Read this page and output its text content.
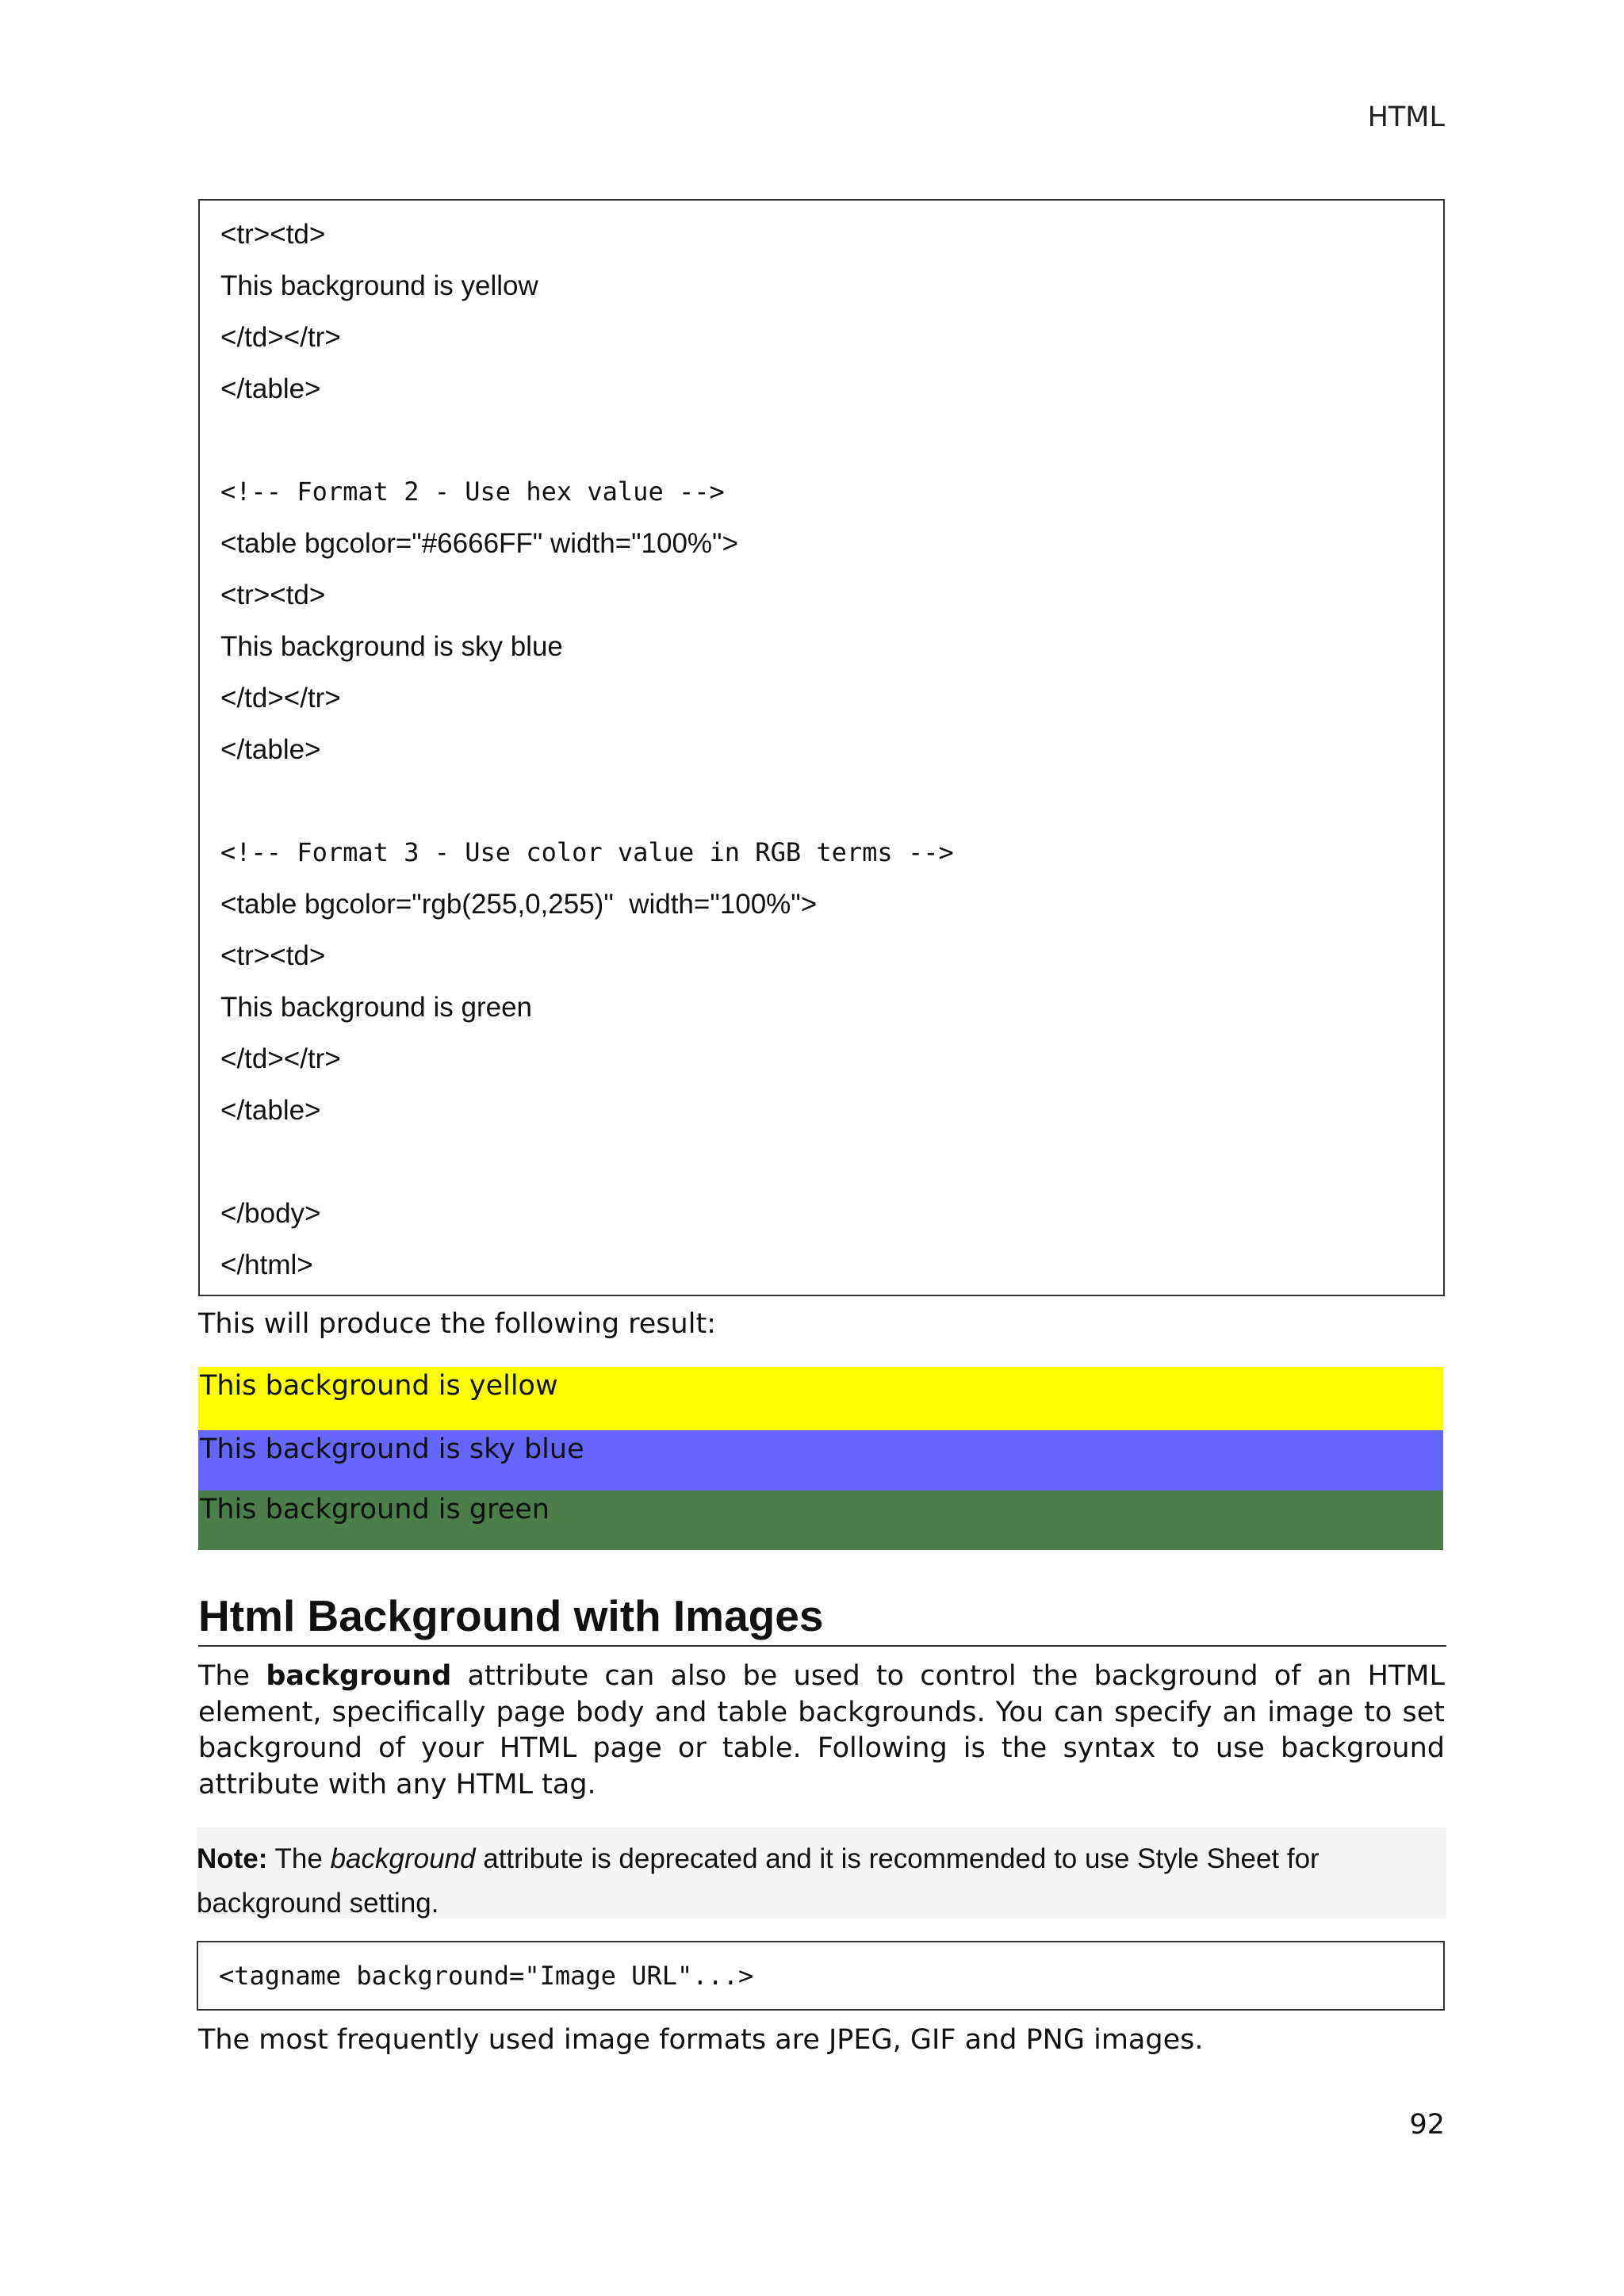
HTML
<tr><td>
This background is yellow
</td></tr>
</table>
<!-- Format 2 - Use hex value -->
<table bgcolor="#6666FF" width="100%">
<tr><td>
This background is sky blue
</td></tr>
</table>
<!-- Format 3 - Use color value in RGB terms -->
<table bgcolor="rgb(255,0,255)"  width="100%">
<tr><td>
This background is green
</td></tr>
</table>
</body>
</html>
This will produce the following result:
This background is yellow
This background is sky blue
This background is green
Html Background with Images
The background attribute can also be used to control the background of an HTML element, specifically page body and table backgrounds. You can specify an image to set background of your HTML page or table. Following is the syntax to use background attribute with any HTML tag.
Note: The background attribute is deprecated and it is recommended to use Style Sheet for background setting.
<tagname background="Image URL"...>
The most frequently used image formats are JPEG, GIF and PNG images.
92
